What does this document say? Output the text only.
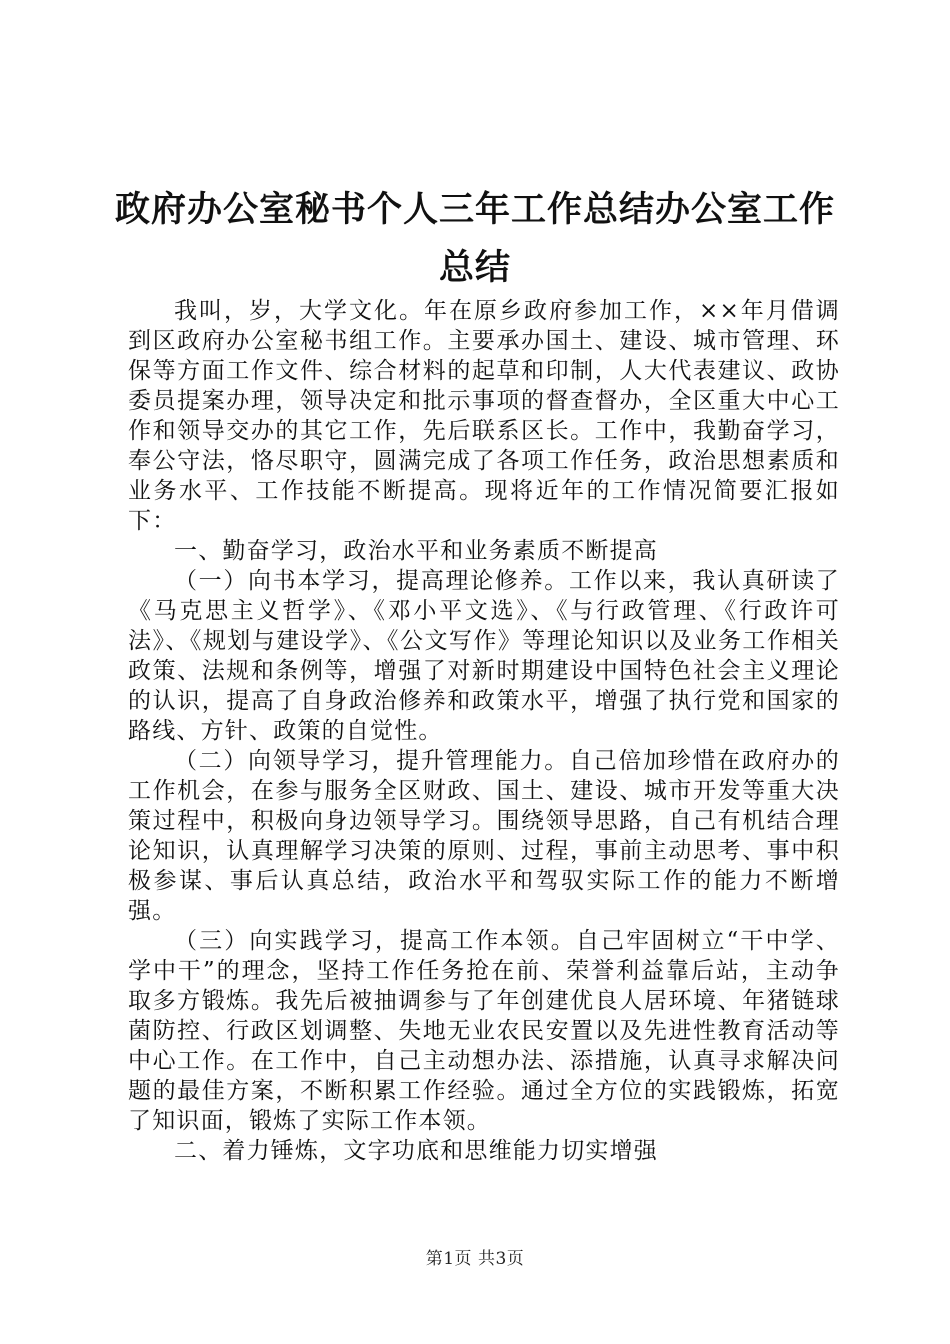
政府办公室秘书个人三年工作总结办公室工作
总结

我叫，岁，大学文化。年在原乡政府参加工作，××年月借调到区政府办公室秘书组工作。主要承办国土、建设、城市管理、环保等方面工作文件、综合材料的起草和印制，人大代表建议、政协委员提案办理，领导决定和批示事项的督查督办，全区重大中心工作和领导交办的其它工作，先后联系区长。工作中，我勤奋学习，奉公守法，恪尽职守，圆满完成了各项工作任务，政治思想素质和业务水平、工作技能不断提高。现将近年的工作情况简要汇报如下：

一、勤奋学习，政治水平和业务素质不断提高

（一）向书本学习，提高理论修养。工作以来，我认真研读了《马克思主义哲学》、《邓小平文选》、《与行政管理、《行政许可法》、《规划与建设学》、《公文写作》等理论知识以及业务工作相关政策、法规和条例等，增强了对新时期建设中国特色社会主义理论的认识，提高了自身政治修养和政策水平，增强了执行党和国家的路线、方针、政策的自觉性。

（二）向领导学习，提升管理能力。自己倍加珍惜在政府办的工作机会，在参与服务全区财政、国土、建设、城市开发等重大决策过程中，积极向身边领导学习。围绕领导思路，自己有机结合理论知识，认真理解学习决策的原则、过程，事前主动思考、事中积极参谋、事后认真总结，政治水平和驾驭实际工作的能力不断增强。

（三）向实践学习，提高工作本领。自己牢固树立“干中学、学中干”的理念，坚持工作任务抢在前、荣誉利益靠后站，主动争取多方锻炼。我先后被抽调参与了年创建优良人居环境、年猪链球菌防控、行政区划调整、失地无业农民安置以及先进性教育活动等中心工作。在工作中，自己主动想办法、添措施，认真寻求解决问题的最佳方案，不断积累工作经验。通过全方位的实践锻炼，拓宽了知识面，锻炼了实际工作本领。

二、着力锤炼，文字功底和思维能力切实增强

第1页 共3页
